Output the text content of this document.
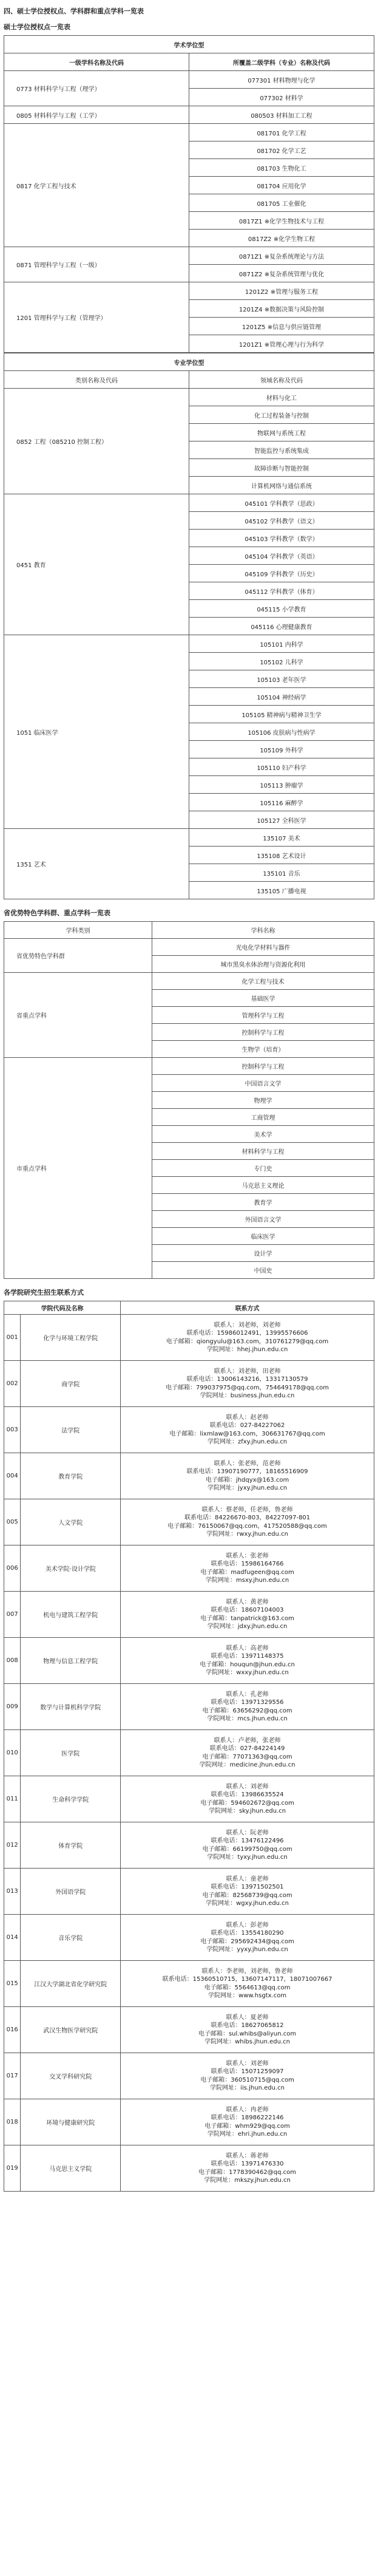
四、硕士学位授权点、学科群和重点学科一览表
硕士学位授权点一览表
学术学位型	
一级学科名称及代码	所覆盖二级学科（专业）名称及代码
0773 材料科学与工程（理学）	077301 材料物理与化学
	077302 材料学
0805 材料科学与工程（工学）	080503 材料加工工程
0817 化学工程与技术	081701 化学工程
	081702 化学工艺
	081703 生物化工
	081704 应用化学
	081705 工业催化
	0817Z1 ※化学生物技术与工程
	0817Z2 ※化学生物工程
0871 管理科学与工程（一级）	0871Z1 ※复杂系统理论与方法
	0871Z2 ※复杂系统管理与优化
1201 管理科学与工程（管理学）	1201Z2 ※管理与服务工程
	1201Z4 ※数据决策与风险控制
	1201Z5 ※信息与供应链管理
	1201Z1 ※管理心理与行为科学
专业学位型	
类别名称及代码	领域名称及代码
0852 工程（085210 控制工程）	材料与化工
	化工过程装备与控制
	物联网与系统工程
	智能监控与系统集成
	故障诊断与智能控制
	计算机网络与通信系统
0451 教育	045101 学科教学（思政）
	045102 学科教学（语文）
	045103 学科教学（数学）
	045104 学科教学（英语）
	045109 学科教学（历史）
	045112 学科教学（体育）
	045115 小学教育
	045116 心理健康教育
1051 临床医学	105101 内科学
	105102 儿科学
	105103 老年医学
	105104 神经病学
	105105 精神病与精神卫生学
	105106 皮肤病与性病学
	105109 外科学
	105110 妇产科学
	105113 肿瘤学
	105116 麻醉学
	105127 全科医学
1351 艺术	135107 美术
	135108 艺术设计
	135101 音乐
	135105 广播电视
省优势特色学科群、重点学科一览表
学科类别	学科名称
省优势特色学科群	光电化学材料与器件
	城市黑臭水体治理与资源化利用
省重点学科	化学工程与技术
	基础医学
	管理科学与工程
	控制科学与工程
	生物学（培育）
市重点学科	控制科学与工程
	中国语言文学
	物理学
	工商管理
	美术学
	材料科学与工程
	专门史
	马克思主义理论
	教育学
	外国语言文学
	临床医学
	设计学
	中国史
各学院研究生招生联系方式
学院代码及名称		联系方式
001	化学与环境工程学院	联系人：刘老师，刘老师
联系电话：15986012491，13995576606
电子邮箱：qiongyulu@163.com，310761279@qq.com
学院网址：hhej.jhun.edu.cn

002	商学院	联系人：刘老师，田老师
联系电话：13006143216，13317130579
电子邮箱：799037975@qq.com，754649178@qq.com
学院网址：business.jhun.edu.cn

003	法学院	联系人：赵老师
联系电话：027-84227062
电子邮箱：lixmlaw@163.com，306631767@qq.com
学院网址：zfxy.jhun.edu.cn

004	教育学院	联系人：张老师，范老师
联系电话：13907190777，18165516909
电子邮箱：jhdqyx@163.com
学院网址：jyxy.jhun.edu.cn

005	人文学院	联系人：蔡老师，任老师，鲁老师
联系电话：84226670-803，84227097-801
电子邮箱：76150067@qq.com，417520588@qq.com
学院网址：rwxy.jhun.edu.cn

006	美术学院·设计学院	联系人：张老师
联系电话：15986164766
电子邮箱：madfugeen@qq.com
学院网址：msxy.jhun.edu.cn

007	机电与建筑工程学院	联系人：黄老师
联系电话：18607104003
电子邮箱：tanpatrick@163.com
学院网址：jdxy.jhun.edu.cn

008	物理与信息工程学院	联系人：高老师
联系电话：13971148375
电子邮箱：houqun@jhun.edu.cn
学院网址：wxxy.jhun.edu.cn

009	数学与计算机科学学院	联系人：孔老师
联系电话：13971329556
电子邮箱：63656292@qq.com
学院网址：mcs.jhun.edu.cn

010	医学院	联系人：卢老师，张老师
联系电话：027-84224149
电子邮箱：77071363@qq.com
学院网址：medicine.jhun.edu.cn

011	生命科学学院	联系人：刘老师
联系电话：13986635524
电子邮箱：594602672@qq.com
学院网址：sky.jhun.edu.cn

012	体育学院	联系人：阮老师
联系电话：13476122496
电子邮箱：66199750@qq.com
学院网址：tyxy.jhun.edu.cn

013	外国语学院	联系人：童老师
联系电话：13971502501
电子邮箱：82568739@qq.com
学院网址：wgxy.jhun.edu.cn

014	音乐学院	联系人：彭老师
联系电话：13554180290
电子邮箱：295692434@qq.com
学院网址：yyxy.jhun.edu.cn

015	江汉大学湖北省化学研究院	联系人：李老师，刘老师，鲁老师
联系电话：15360510715，13607147117，18071007667
电子邮箱：5564613@qq.com
学院网址：www.hsgtx.com

016	武汉生物医学研究院	联系人：夏老师
联系电话：18627065812
电子邮箱：sul.whibs@aliyun.com
学院网址：whibs.jhun.edu.cn

017	交叉学科研究院	联系人：刘老师
联系电话：15071259097
电子邮箱：360510715@qq.com
学院网址：iis.jhun.edu.cn

018	环境与健康研究院	联系人：冉老师
联系电话：18986222146
电子邮箱：whm929@qq.com
学院网址：ehri.jhun.edu.cn

019	马克思主义学院	联系人：蒋老师
联系电话：13971476330
电子邮箱：1778390462@qq.com
学院网址：mkszy.jhun.edu.cn
